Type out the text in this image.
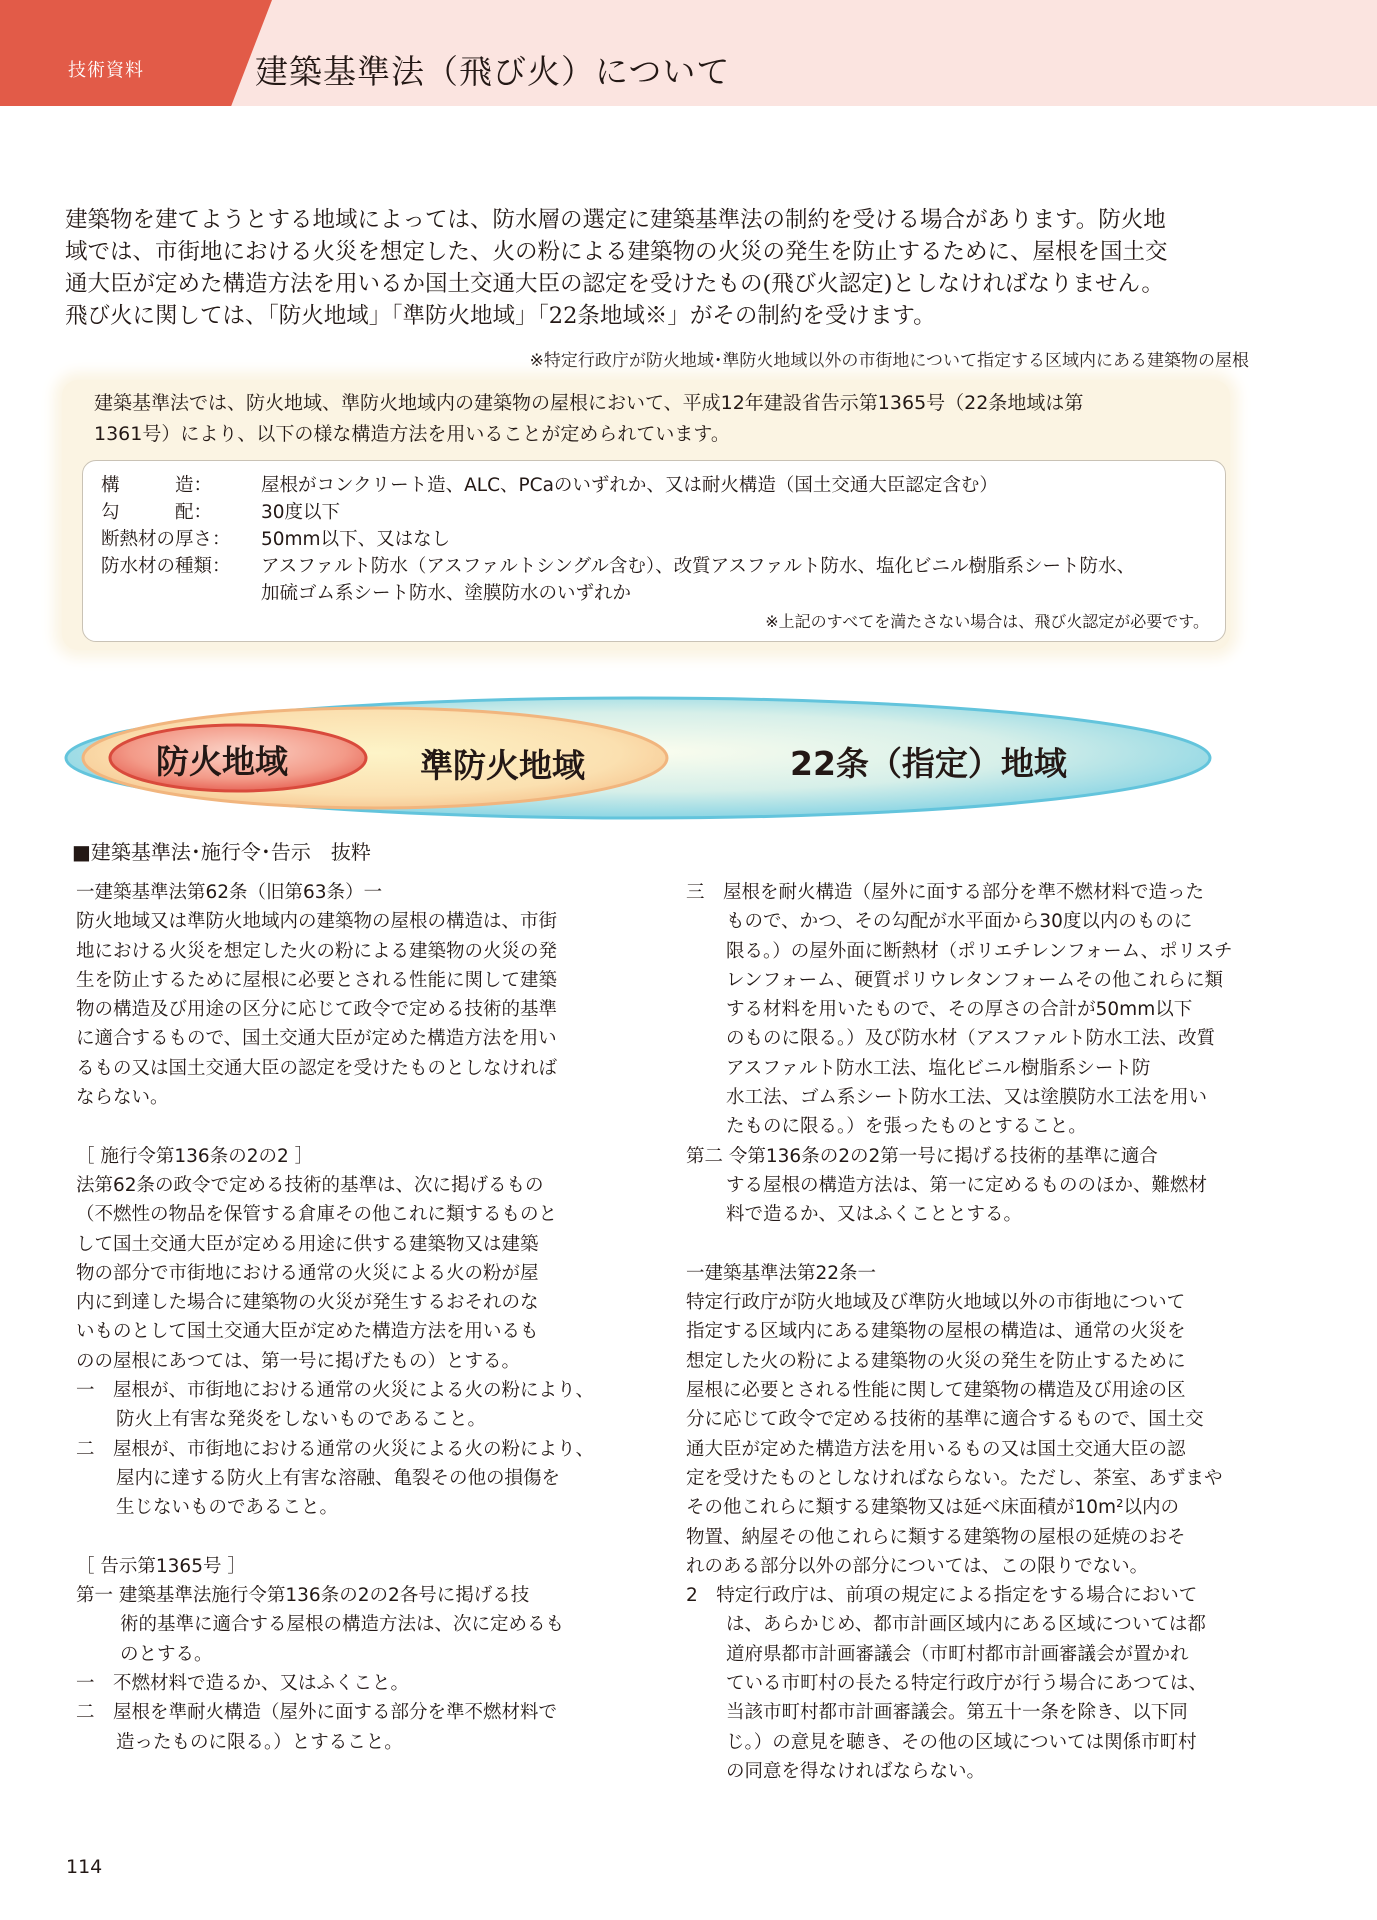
技術資料	建築基準法（飛び火）について

建築物を建てようとする地域によっては、防水層の選定に建築基準法の制約を受ける場合があります。防火地

域では、市街地における火災を想定した、火の粉による建築物の火災の発生を防止するために、屋根を国土交

通大臣が定めた構造方法を用いるか国土交通大臣の認定を受けたもの(飛び火認定)としなければなりません。

飛び火に関しては、「防火地域」「準防火地域」「22条地域※」がその制約を受けます。

※特定行政庁が防火地域･準防火地域以外の市街地について指定する区域内にある建築物の屋根

建築基準法では、防火地域、準防火地域内の建築物の屋根において、平成12年建設省告示第1365号（22条地域は第

1361号）により、以下の様な構造方法を用いることが定められています。

構　　　造：	屋根がコンクリート造、ALC、PCaのいずれか、又は耐火構造（国土交通大臣認定含む）
勾　　　配：	30度以下
断熱材の厚さ： 50mm以下、又はなし
防水材の種類： アスファルト防水（アスファルトシングル含む）、改質アスファルト防水、塩化ビニル樹脂系シート防水、
加硫ゴム系シート防水、塗膜防水のいずれか
※上記のすべてを満たさない場合は、飛び火認定が必要です。
防火地域	準防火地域	22条（指定）地域
■建築基準法･施行令･告示　抜粋
一建築基準法第62条（旧第63条）一
防火地域又は準防火地域内の建築物の屋根の構造は、市街
地における火災を想定した火の粉による建築物の火災の発
生を防止するために屋根に必要とされる性能に関して建築
物の構造及び用途の区分に応じて政令で定める技術的基準
に適合するもので、国土交通大臣が定めた構造方法を用い
るもの又は国土交通大臣の認定を受けたものとしなければ
ならない。
［ 施行令第136条の2の2 ］
法第62条の政令で定める技術的基準は、次に掲げるもの
（不燃性の物品を保管する倉庫その他これに類するものと
して国土交通大臣が定める用途に供する建築物又は建築
物の部分で市街地における通常の火災による火の粉が屋
内に到達した場合に建築物の火災が発生するおそれのな
いものとして国土交通大臣が定めた構造方法を用いるも
のの屋根にあつては、第一号に掲げたもの）とする。
一　屋根が、市街地における通常の火災による火の粉により、
防火上有害な発炎をしないものであること。
二　屋根が、市街地における通常の火災による火の粉により、
屋内に達する防火上有害な溶融、亀裂その他の損傷を
生じないものであること。
［ 告示第1365号 ］
第一 建築基準法施行令第136条の2の2各号に掲げる技
術的基準に適合する屋根の構造方法は、次に定めるも
のとする。
一　不燃材料で造るか、又はふくこと。
二　屋根を準耐火構造（屋外に面する部分を準不燃材料で
造ったものに限る。）とすること。
三　屋根を耐火構造（屋外に面する部分を準不燃材料で造った
もので、かつ、その勾配が水平面から30度以内のものに
限る。）の屋外面に断熱材（ポリエチレンフォーム、ポリスチ
レンフォーム、硬質ポリウレタンフォームその他これらに類
する材料を用いたもので、その厚さの合計が50mm以下
のものに限る。）及び防水材（アスファルト防水工法、改質
アスファルト防水工法、塩化ビニル樹脂系シート防
水工法、ゴム系シート防水工法、又は塗膜防水工法を用い
たものに限る。）を張ったものとすること。
第二 令第136条の2の2第一号に掲げる技術的基準に適合
する屋根の構造方法は、第一に定めるもののほか、難燃材
料で造るか、又はふくこととする。
一建築基準法第22条一
特定行政庁が防火地域及び準防火地域以外の市街地について
指定する区域内にある建築物の屋根の構造は、通常の火災を
想定した火の粉による建築物の火災の発生を防止するために
屋根に必要とされる性能に関して建築物の構造及び用途の区
分に応じて政令で定める技術的基準に適合するもので、国土交
通大臣が定めた構造方法を用いるもの又は国土交通大臣の認
定を受けたものとしなければならない。ただし、茶室、あずまや
その他これらに類する建築物又は延べ床面積が10m²以内の
物置、納屋その他これらに類する建築物の屋根の延焼のおそ
れのある部分以外の部分については、この限りでない。
2　特定行政庁は、前項の規定による指定をする場合において
は、あらかじめ、都市計画区域内にある区域については都
道府県都市計画審議会（市町村都市計画審議会が置かれ
ている市町村の長たる特定行政庁が行う場合にあつては、
当該市町村都市計画審議会。第五十一条を除き、以下同
じ。）の意見を聴き、その他の区域については関係市町村
の同意を得なければならない。
114
